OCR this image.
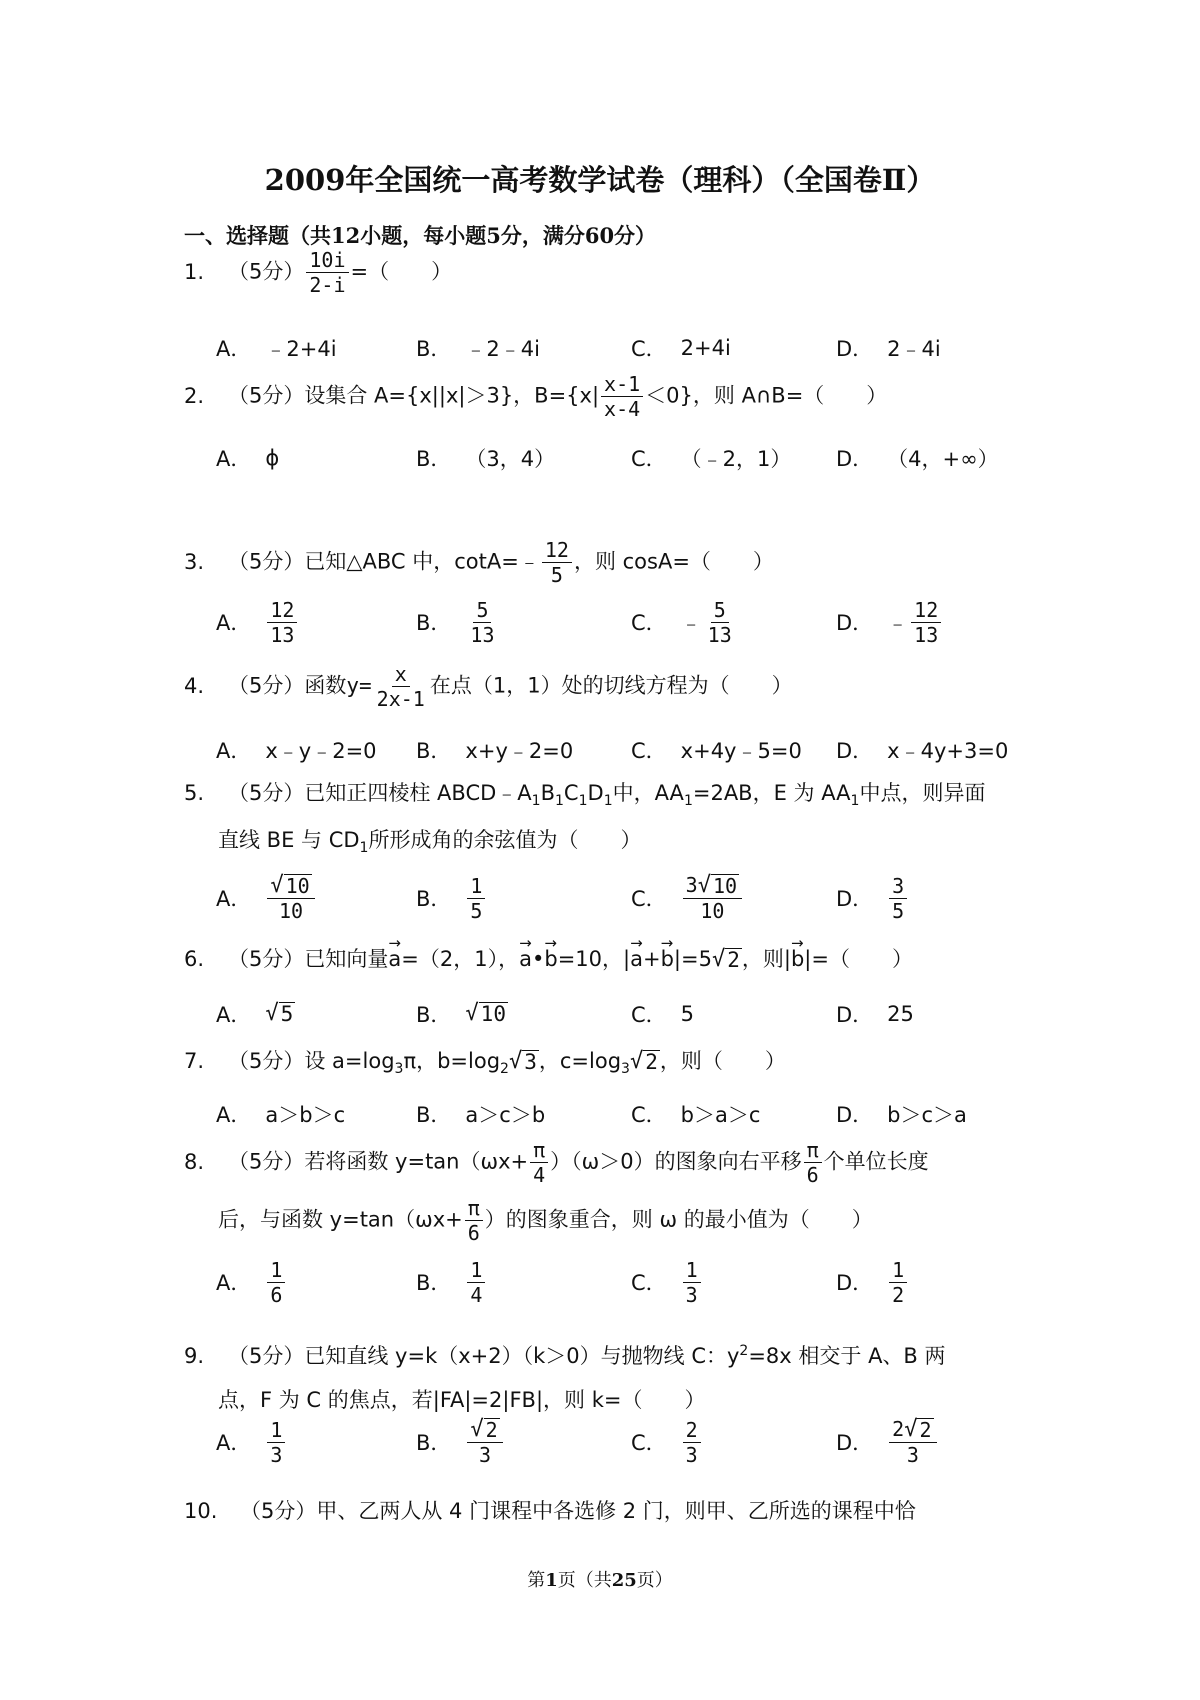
2009年全国统一高考数学试卷（理科）（全国卷Ⅱ）
一、选择题（共12小题，每小题5分，满分60分）
1. （5分） $\frac{10i}{2-i}$ =（　　）
A． ﹣2+4i	B． ﹣2﹣4i	C． 2+4i	D． 2﹣4i
2. （5分）设集合 A={x||x|＞3}，$B=\{x| \frac{x-1}{x-4} <0\}$，则 A∩B=（　　）
A． ϕ	B． （3，4）	C． （﹣2，1） D． （4，+∞）
3. （5分）已知△ABC 中，cotA=﹣ $\frac{12}{5}$ ，则 cosA=（　　）
A． $\frac{12}{13}$	B． $\frac{5}{13}$	C． ﹣ $\frac{5}{13}$	D． ﹣ $\frac{12}{13}$
4. （5分）函数$y= \frac{x}{2x-1}$ 在点（1，1）处的切线方程为（　　）
A． x﹣y﹣2=0 B． x+y﹣2=0	C． x+4y﹣5=0 D． x﹣4y+3=0
5. （5分）已知正四棱柱 $ABCD﹣A_1B_1C_1D_1$中，$AA_1=2AB$，E 为 $AA_1$中点，则异面
直线 BE 与 $CD_1$所形成角的余弦值为（　　）
A． $\frac{√ 10}{10}$	B． $\frac{1}{5}$	C． $\frac{3 √ 10}{10}$	D． $\frac{3}{5}$
6. （5分）已知向量→ a=（2，1），→ a•→ b=10，|→ a+→ b|=5 √ 2 ，则|→ b|=（　　）
A． √ 5	B． √ 10	C． 5	D． 25
7. （5分）设 $a=\log_3\pi$，$b=\log_2$ √ 3 ，$c=\log_3$ √ 2 ，则（　　）
A． a＞b＞c	B． a＞c＞b	C． b＞a＞c	D． b＞c＞a
8. （5分）若将函数 $y=\tan(\omega x+ \frac{\pi}{4} )(\omega>0)$的图象向右平移 $\frac{\pi}{6}$ 个单位长度
后，与函数 $y=\tan(\omega x+ \frac{\pi}{6}$ ）的图象重合，则 ω 的最小值为（　　）
A． $\frac{1}{6}$	B． $\frac{1}{4}$	C． $\frac{1}{3}$	D． $\frac{1}{2}$
9. （5分）已知直线 y=k（x+2）（k＞0）与抛物线 C：$y^2=8x$ 相交于 A、B 两
点，F 为 C 的焦点，若|FA|=2|FB|，则 k=（　　）
A． $\frac{1}{3}$	B． $\frac{√ 2}{3}$	C． $\frac{2}{3}$	D． $\frac{2 √ 2}{3}$
10. （5分）甲、乙两人从 4 门课程中各选修 2 门，则甲、乙所选的课程中恰
第1页（共25页）
